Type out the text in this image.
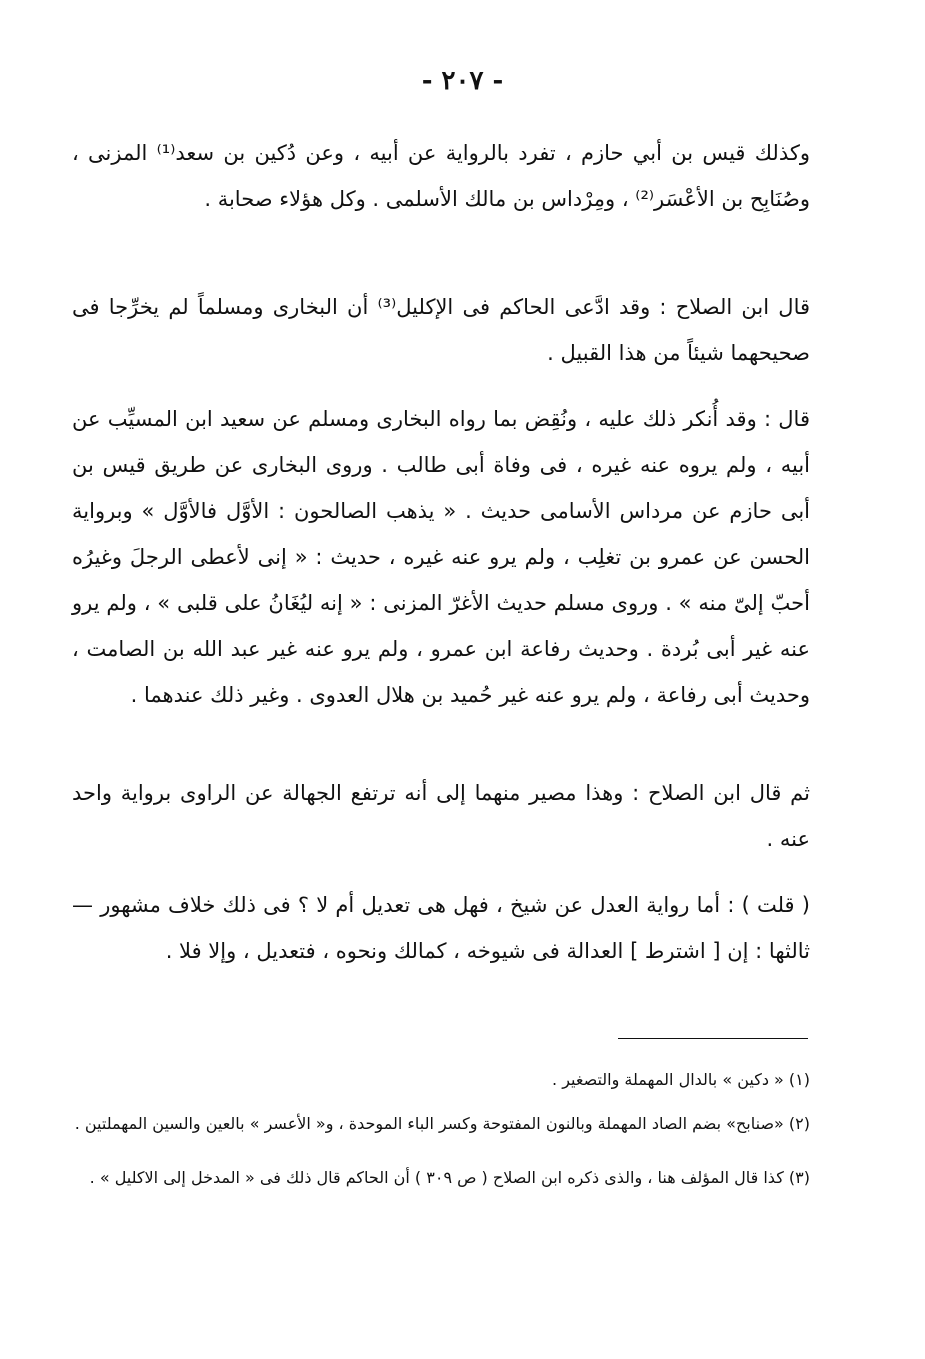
- ٢٠٧ -

وكذلك قيس بن أبي حازم ، تفرد بالرواية عن أبيه ، وعن دُكين بن سعد⁽¹⁾ المزنى ، وصُنَابِح بن الأعْسَر⁽²⁾ ، ومِرْداس بن مالك الأسلمى . وكل هؤلاء صحابة .

قال ابن الصلاح : وقد ادَّعى الحاكم فى الإكليل⁽³⁾ أن البخارى ومسلماً لم يخرِّجا فى صحيحهما شيئاً من هذا القبيل .

قال : وقد أُنكر ذلك عليه ، ونُقِض بما رواه البخارى ومسلم عن سعيد ابن المسيِّب عن أبيه ، ولم يروه عنه غيره ، فى وفاة أبى طالب . وروى البخارى عن طريق قيس بن أبى حازم عن مرداس الأسامى حديث . « يذهب الصالحون : الأوَّل فالأوَّل » وبرواية الحسن عن عمرو بن تغلِب ، ولم يرو عنه غيره ، حديث : « إنى لأعطى الرجلَ وغيرُه أحبّ إلىّ منه » . وروى مسلم حديث الأغرّ المزنى : « إنه ليُغَانُ على قلبى » ، ولم يرو عنه غير أبى بُردة . وحديث رفاعة ابن عمرو ، ولم يرو عنه غير عبد الله بن الصامت ، وحديث أبى رفاعة ، ولم يرو عنه غير حُميد بن هلال العدوى . وغير ذلك عندهما .

ثم قال ابن الصلاح : وهذا مصير منهما إلى أنه ترتفع الجهالة عن الراوى برواية واحد عنه .

( قلت ) : أما رواية العدل عن شيخ ، فهل هى تعديل أم لا ؟ فى ذلك خلاف مشهور — ثالثها : إن [ اشترط ] العدالة فى شيوخه ، كمالك ونحوه ، فتعديل ، وإلا فلا .

(١) « دكين » بالدال المهملة والتصغير .

(٢) «صنابح» بضم الصاد المهملة وبالنون المفتوحة وكسر الباء الموحدة ، و« الأعسر » بالعين والسين المهملتين .

(٣) كذا قال المؤلف هنا ، والذى ذكره ابن الصلاح ( ص ٣٠٩ ) أن الحاكم قال ذلك فى « المدخل إلى الاكليل » .
